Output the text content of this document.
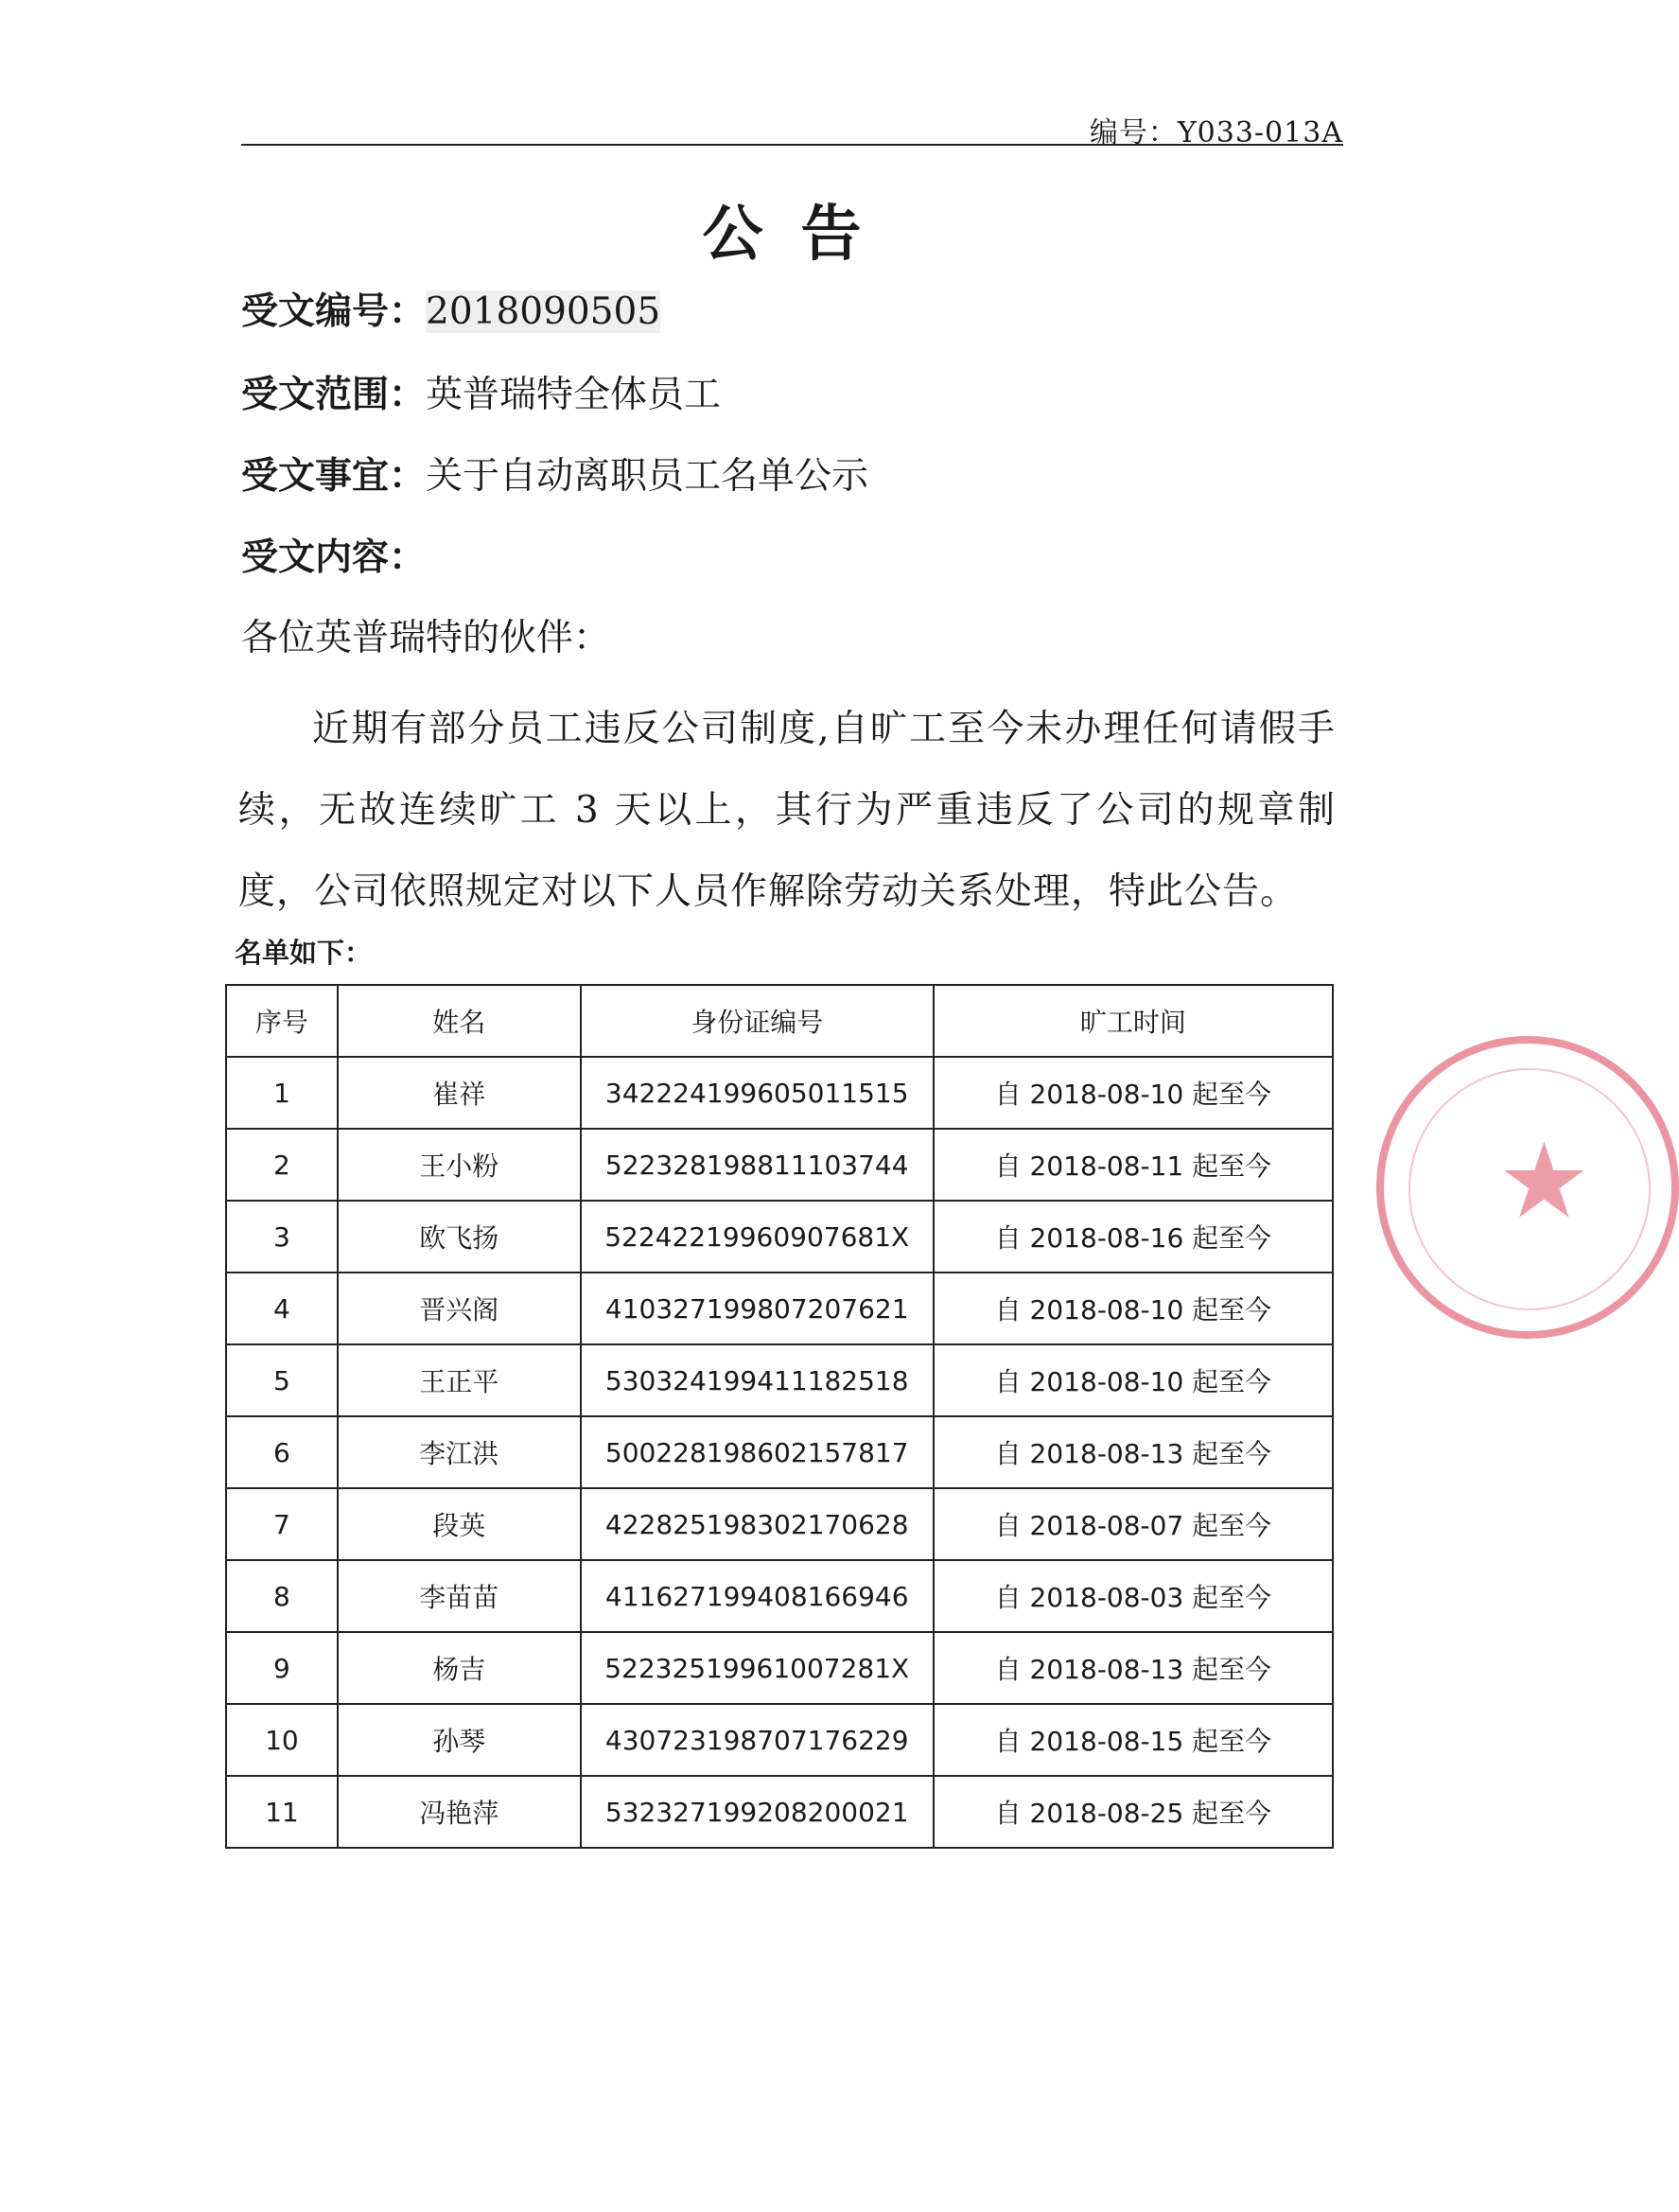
编号：Y033-013A
公告
受文编号：2018090505
受文范围：英普瑞特全体员工
受文事宜：关于自动离职员工名单公示
受文内容：
各位英普瑞特的伙伴：
近期有部分员工违反公司制度,自旷工至今未办理任何请假手续，无故连续旷工 3 天以上，其行为严重违反了公司的规章制度，公司依照规定对以下人员作解除劳动关系处理，特此公告。
名单如下：
序号	姓名	身份证编号	旷工时间
1	崔祥	342224199605011515	自 2018-08-10 起至今
2	王小粉	522328198811103744	自 2018-08-11 起至今
3	欧飞扬	52242219960907681X	自 2018-08-16 起至今
4	晋兴阁	410327199807207621	自 2018-08-10 起至今
5	王正平	530324199411182518	自 2018-08-10 起至今
6	李江洪	500228198602157817	自 2018-08-13 起至今
7	段英	422825198302170628	自 2018-08-07 起至今
8	李苗苗	411627199408166946	自 2018-08-03 起至今
9	杨吉	52232519961007281X	自 2018-08-13 起至今
10	孙琴	430723198707176229	自 2018-08-15 起至今
11	冯艳萍	532327199208200021	自 2018-08-25 起至今
★
